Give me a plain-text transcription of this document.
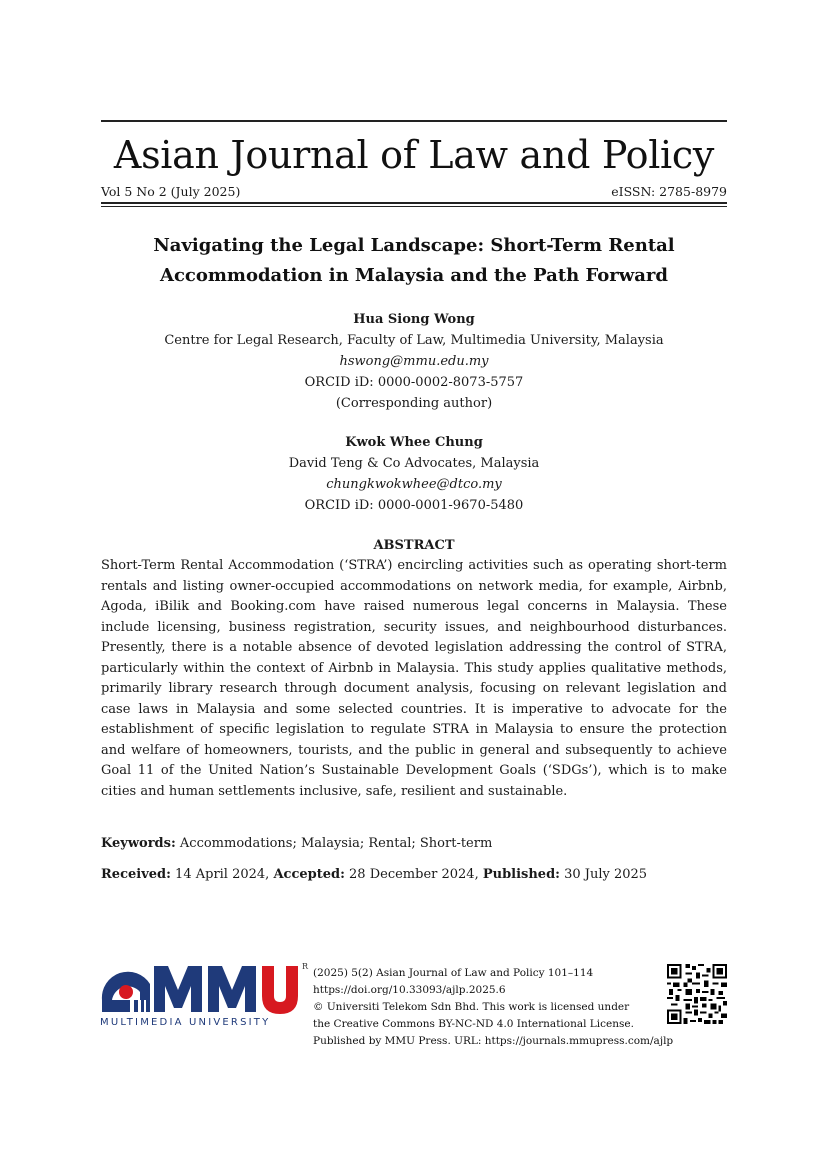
Asian Journal of Law and Policy
Vol 5 No 2 (July 2025)	eISSN: 2785-8979
Navigating the Legal Landscape: Short-Term Rental
Accommodation in Malaysia and the Path Forward
Hua Siong Wong
Centre for Legal Research, Faculty of Law, Multimedia University, Malaysia
hswong@mmu.edu.my
ORCID iD: 0000-0002-8073-5757
(Corresponding author)
Kwok Whee Chung
David Teng & Co Advocates, Malaysia
chungkwokwhee@dtco.my
ORCID iD: 0000-0001-9670-5480
ABSTRACT
Short-Term Rental Accommodation (‘STRA’) encircling activities such as operating short-term rentals and listing owner-occupied accommodations on network media, for example, Airbnb, Agoda, iBilik and Booking.com have raised numerous legal concerns in Malaysia. These include licensing, business registration, security issues, and neighbourhood disturbances. Presently, there is a notable absence of devoted legislation addressing the control of STRA, particularly within the context of Airbnb in Malaysia. This study applies qualitative methods, primarily library research through document analysis, focusing on relevant legislation and case laws in Malaysia and some selected countries. It is imperative to advocate for the establishment of specific legislation to regulate STRA in Malaysia to ensure the protection and welfare of homeowners, tourists, and the public in general and subsequently to achieve Goal 11 of the United Nation’s Sustainable Development Goals (‘SDGs’), which is to make cities and human settlements inclusive, safe, resilient and sustainable.
Keywords: Accommodations; Malaysia; Rental; Short-term
Received: 14 April 2024, Accepted: 28 December 2024, Published: 30 July 2025
MULTIMEDIA UNIVERSITY
R
(2025) 5(2) Asian Journal of Law and Policy 101–114
https://doi.org/10.33093/ajlp.2025.6
© Universiti Telekom Sdn Bhd. This work is licensed under
the Creative Commons BY-NC-ND 4.0 International License.
Published by MMU Press. URL: https://journals.mmupress.com/ajlp
